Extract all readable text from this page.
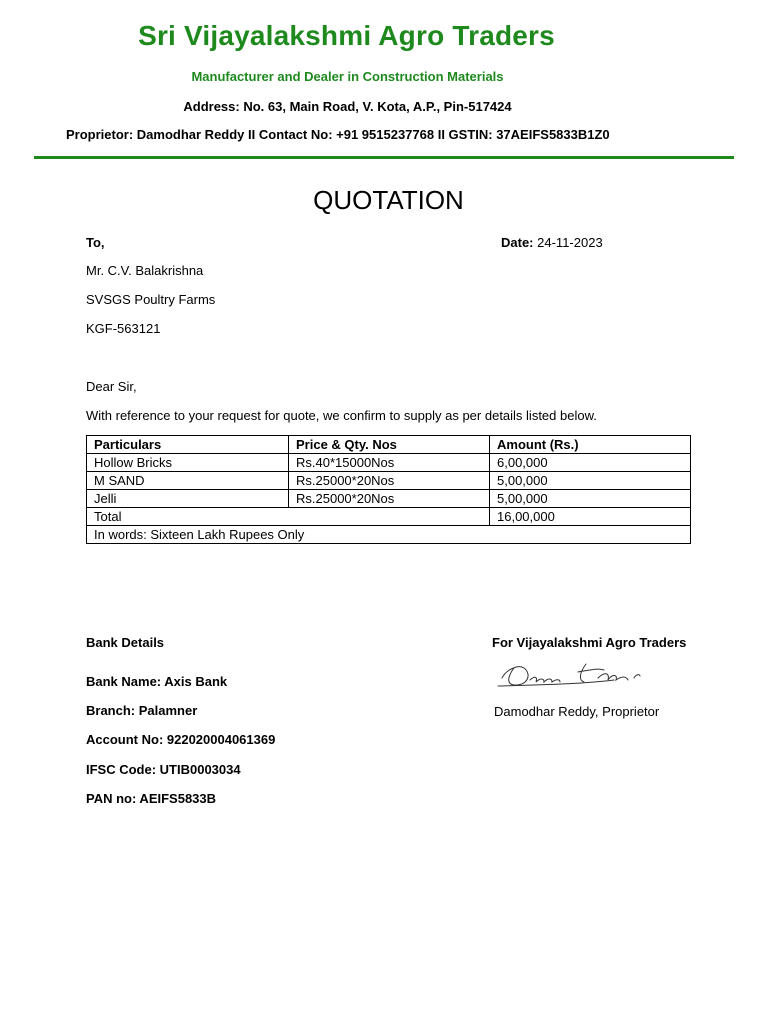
Sri Vijayalakshmi Agro Traders
Manufacturer and Dealer in Construction Materials
Address: No. 63, Main Road, V. Kota, A.P., Pin-517424
Proprietor: Damodhar Reddy II Contact No: +91 9515237768 II GSTIN: 37AEIFS5833B1Z0
QUOTATION
To,	Date: 24-11-2023
Mr. C.V. Balakrishna
SVSGS Poultry Farms
KGF-563121
Dear Sir,
With reference to your request for quote, we confirm to supply as per details listed below.
Particulars	Price & Qty. Nos	Amount (Rs.)
Hollow Bricks	Rs.40*15000Nos	6,00,000
M SAND	Rs.25000*20Nos	5,00,000
Jelli	Rs.25000*20Nos	5,00,000
Total		16,00,000
In words: Sixteen Lakh Rupees Only		
Bank Details
Bank Name: Axis Bank
Branch: Palamner
Account No: 922020004061369
IFSC Code: UTIB0003034
PAN no: AEIFS5833B
For Vijayalakshmi Agro Traders
Damodhar Reddy, Proprietor
